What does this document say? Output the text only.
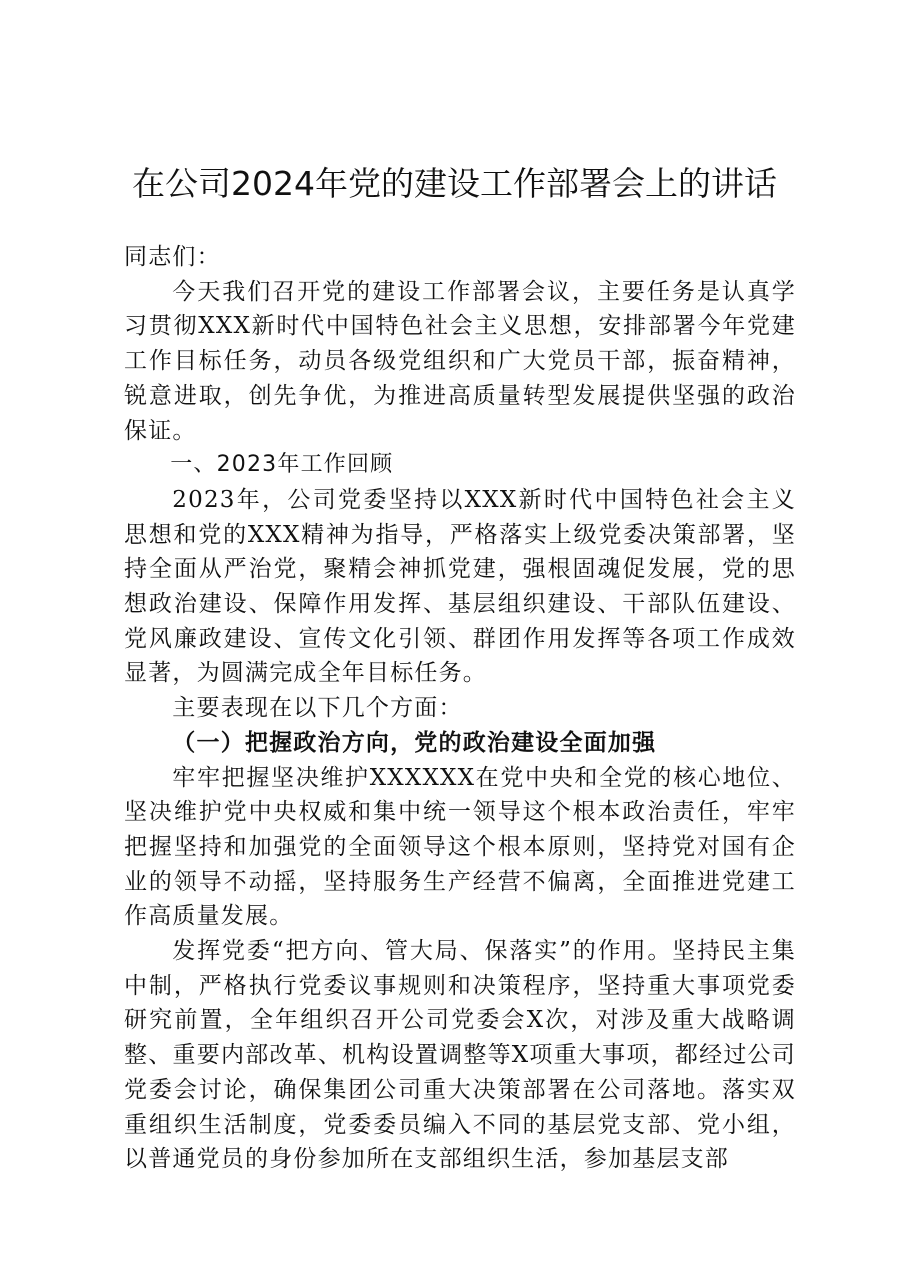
在公司2024年党的建设工作部署会上的讲话

同志们：

今天我们召开党的建设工作部署会议，主要任务是认真学习贯彻XXX新时代中国特色社会主义思想，安排部署今年党建工作目标任务，动员各级党组织和广大党员干部，振奋精神，锐意进取，创先争优，为推进高质量转型发展提供坚强的政治保证。

一、2023年工作回顾

2023年，公司党委坚持以XXX新时代中国特色社会主义思想和党的XXX精神为指导，严格落实上级党委决策部署，坚持全面从严治党，聚精会神抓党建，强根固魂促发展，党的思想政治建设、保障作用发挥、基层组织建设、干部队伍建设、党风廉政建设、宣传文化引领、群团作用发挥等各项工作成效显著，为圆满完成全年目标任务。

主要表现在以下几个方面：

（一）把握政治方向，党的政治建设全面加强

牢牢把握坚决维护XXXXXX在党中央和全党的核心地位、坚决维护党中央权威和集中统一领导这个根本政治责任，牢牢把握坚持和加强党的全面领导这个根本原则，坚持党对国有企业的领导不动摇，坚持服务生产经营不偏离，全面推进党建工作高质量发展。

发挥党委“把方向、管大局、保落实”的作用。坚持民主集中制，严格执行党委议事规则和决策程序，坚持重大事项党委研究前置，全年组织召开公司党委会X次，对涉及重大战略调整、重要内部改革、机构设置调整等X项重大事项，都经过公司党委会讨论，确保集团公司重大决策部署在公司落地。落实双重组织生活制度，党委委员编入不同的基层党支部、党小组，以普通党员的身份参加所在支部组织生活，参加基层支部
